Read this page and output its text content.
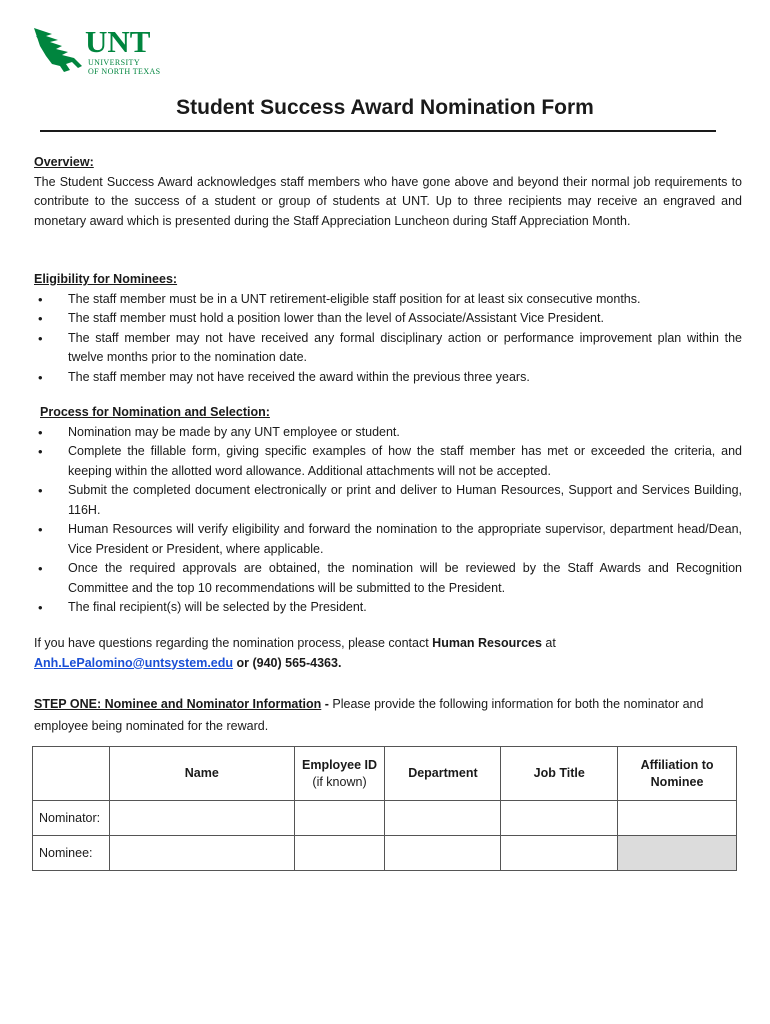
UNT
UNIVERSITY
OF NORTH TEXAS
Student Success Award Nomination Form
Overview:
The Student Success Award acknowledges staff members who have gone above and beyond their normal job requirements to contribute to the success of a student or group of students at UNT. Up to three recipients may receive an engraved and monetary award which is presented during the Staff Appreciation Luncheon during Staff Appreciation Month.
Eligibility for Nominees:
• The staff member must be in a UNT retirement-eligible staff position for at least six consecutive months.
• The staff member must hold a position lower than the level of Associate/Assistant Vice President.
• The staff member may not have received any formal disciplinary action or performance improvement plan within the twelve months prior to the nomination date.
• The staff member may not have received the award within the previous three years.
Process for Nomination and Selection:
• Nomination may be made by any UNT employee or student.
• Complete the fillable form, giving specific examples of how the staff member has met or exceeded the criteria, and keeping within the allotted word allowance. Additional attachments will not be accepted.
• Submit the completed document electronically or print and deliver to Human Resources, Support and Services Building, 116H.
• Human Resources will verify eligibility and forward the nomination to the appropriate supervisor, department head/Dean, Vice President or President, where applicable.
• Once the required approvals are obtained, the nomination will be reviewed by the Staff Awards and Recognition Committee and the top 10 recommendations will be submitted to the President.
• The final recipient(s) will be selected by the President.
If you have questions regarding the nomination process, please contact Human Resources at
Anh.LePalomino@untsystem.edu or (940) 565-4363.
STEP ONE: Nominee and Nominator Information - Please provide the following information for both the nominator and employee being nominated for the reward.
	Name	Employee ID
(if known)	Department	Job Title	Affiliation to Nominee
Nominator:					
Nominee:					
